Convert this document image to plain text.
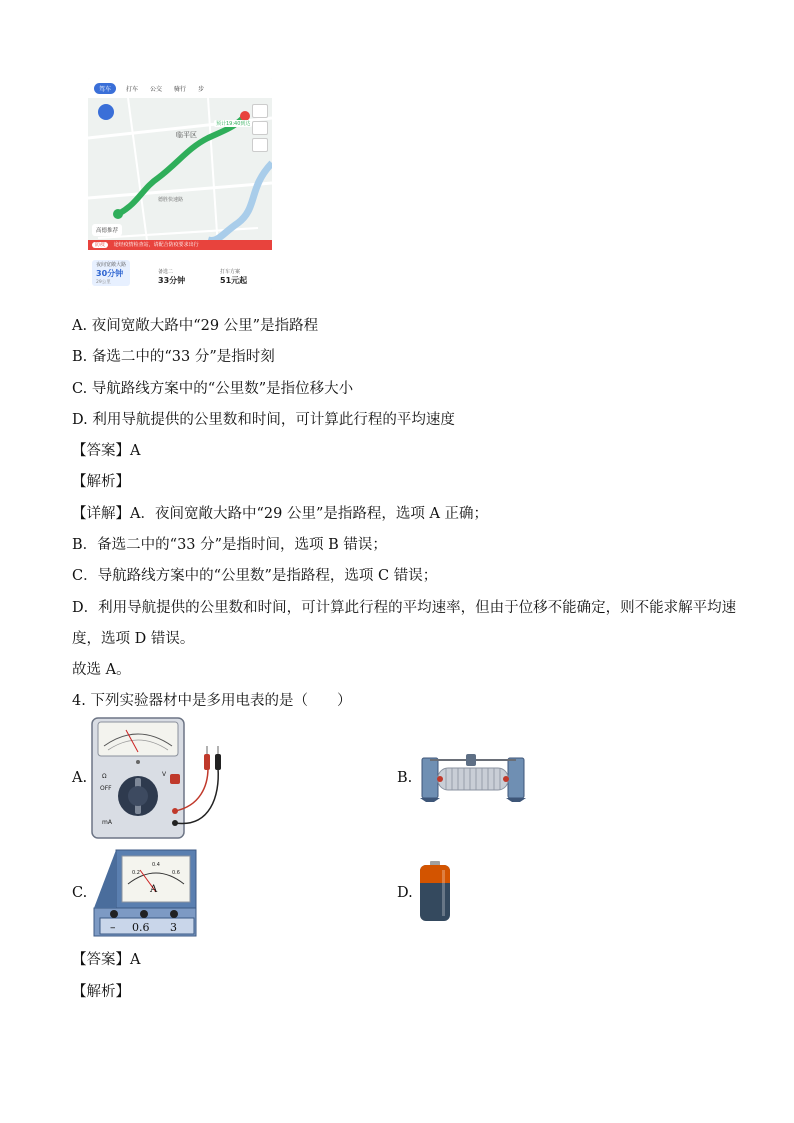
驾车	打车 公交 骑行 步
临平区
德胜快速路
预计19:40到达
高德推荐
防疫 途经疫情检查站，请配合防疫要求出行
夜间宽敞大路
30分钟
29公里
备选二
33分钟
打车方案
51元起
A. 夜间宽敞大路中“29 公里”是指路程
B. 备选二中的“33 分”是指时刻
C. 导航路线方案中的“公里数”是指位移大小
D. 利用导航提供的公里数和时间，可计算此行程的平均速度
【答案】A
【解析】
【详解】A．夜间宽敞大路中“29 公里”是指路程，选项 A 正确；
B．备选二中的“33 分”是指时间，选项 B 错误；
C．导航路线方案中的“公里数”是指路程，选项 C 错误；
D．利用导航提供的公里数和时间，可计算此行程的平均速率，但由于位移不能确定，则不能求解平均速
度，选项 D 错误。
故选 A。
4. 下列实验器材中是多用电表的是（　　）
A.	B.
C.	D.
Ω
OFF
V
mA
0.2
0.4
0.6
A
– 0.6 3
【答案】A
【解析】
